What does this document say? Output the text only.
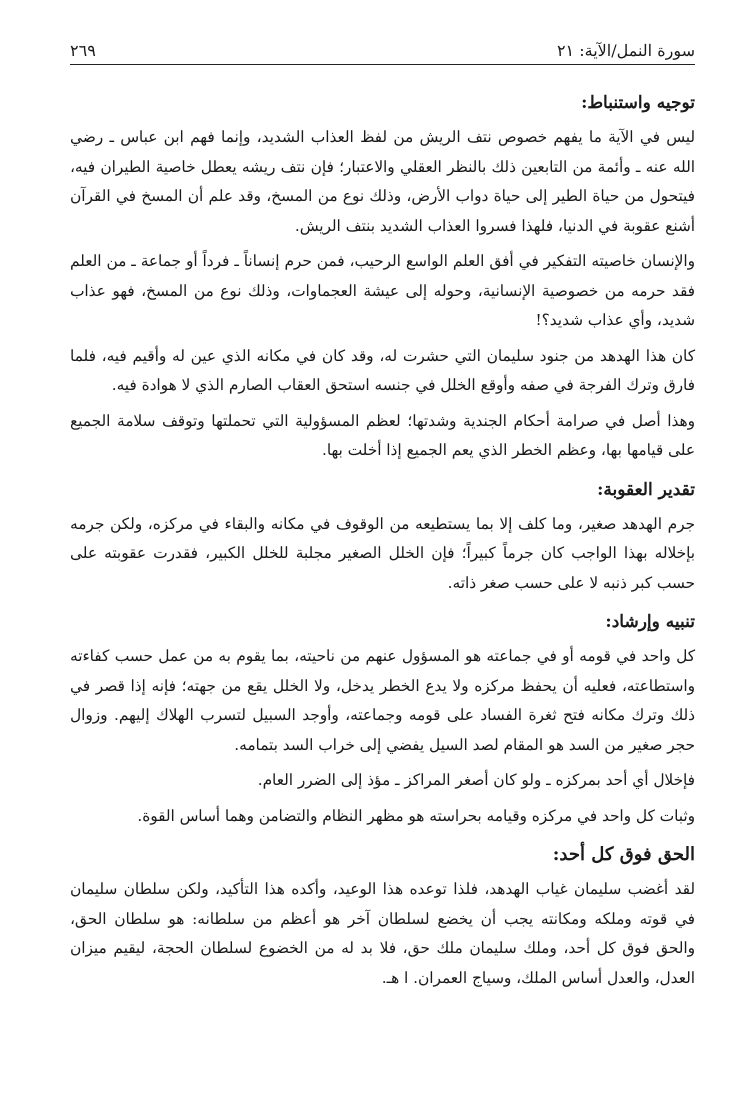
سورة النمل/الآية: ٢١
٢٦٩
توجيه واستنباط:

ليس في الآية ما يفهم خصوص نتف الريش من لفظ العذاب الشديد، وإنما فهم ابن عباس ـ رضي الله عنه ـ وأئمة من التابعين ذلك بالنظر العقلي والاعتبار؛ فإن نتف ريشه يعطل خاصية الطيران فيه، فيتحول من حياة الطير إلى حياة دواب الأرض، وذلك نوع من المسخ، وقد علم أن المسخ في القرآن أشنع عقوبة في الدنيا، فلهذا فسروا العذاب الشديد بنتف الريش.

والإنسان خاصيته التفكير في أفق العلم الواسع الرحيب، فمن حرم إنساناً ـ فرداً أو جماعة ـ من العلم فقد حرمه من خصوصية الإنسانية، وحوله إلى عيشة العجماوات، وذلك نوع من المسخ، فهو عذاب شديد، وأي عذاب شديد؟!

كان هذا الهدهد من جنود سليمان التي حشرت له، وقد كان في مكانه الذي عين له وأقيم فيه، فلما فارق وترك الفرجة في صفه وأوقع الخلل في جنسه استحق العقاب الصارم الذي لا هوادة فيه.

وهذا أصل في صرامة أحكام الجندية وشدتها؛ لعظم المسؤولية التي تحملتها وتوقف سلامة الجميع على قيامها بها، وعظم الخطر الذي يعم الجميع إذا أخلت بها.

تقدير العقوبة:

جرم الهدهد صغير، وما كلف إلا بما يستطيعه من الوقوف في مكانه والبقاء في مركزه، ولكن جرمه بإخلاله بهذا الواجب كان جرماً كبيراً؛ فإن الخلل الصغير مجلبة للخلل الكبير، فقدرت عقوبته على حسب كبر ذنبه لا على حسب صغر ذاته.

تنبيه وإرشاد:

كل واحد في قومه أو في جماعته هو المسؤول عنهم من ناحيته، بما يقوم به من عمل حسب كفاءته واستطاعته، فعليه أن يحفظ مركزه ولا يدع الخطر يدخل، ولا الخلل يقع من جهته؛ فإنه إذا قصر في ذلك وترك مكانه فتح ثغرة الفساد على قومه وجماعته، وأوجد السبيل لتسرب الهلاك إليهم. وزوال حجر صغير من السد هو المقام لصد السيل يفضي إلى خراب السد بتمامه.

فإخلال أي أحد بمركزه ـ ولو كان أصغر المراكز ـ مؤذ إلى الضرر العام.

وثبات كل واحد في مركزه وقيامه بحراسته هو مظهر النظام والتضامن وهما أساس القوة.

الحق فوق كل أحد:

لقد أغضب سليمان غياب الهدهد، فلذا توعده هذا الوعيد، وأكده هذا التأكيد، ولكن سلطان سليمان في قوته وملكه ومكانته يجب أن يخضع لسلطان آخر هو أعظم من سلطانه: هو سلطان الحق، والحق فوق كل أحد، وملك سليمان ملك حق، فلا بد له من الخضوع لسلطان الحجة، ليقيم ميزان العدل، والعدل أساس الملك، وسياج العمران. ا هـ.
